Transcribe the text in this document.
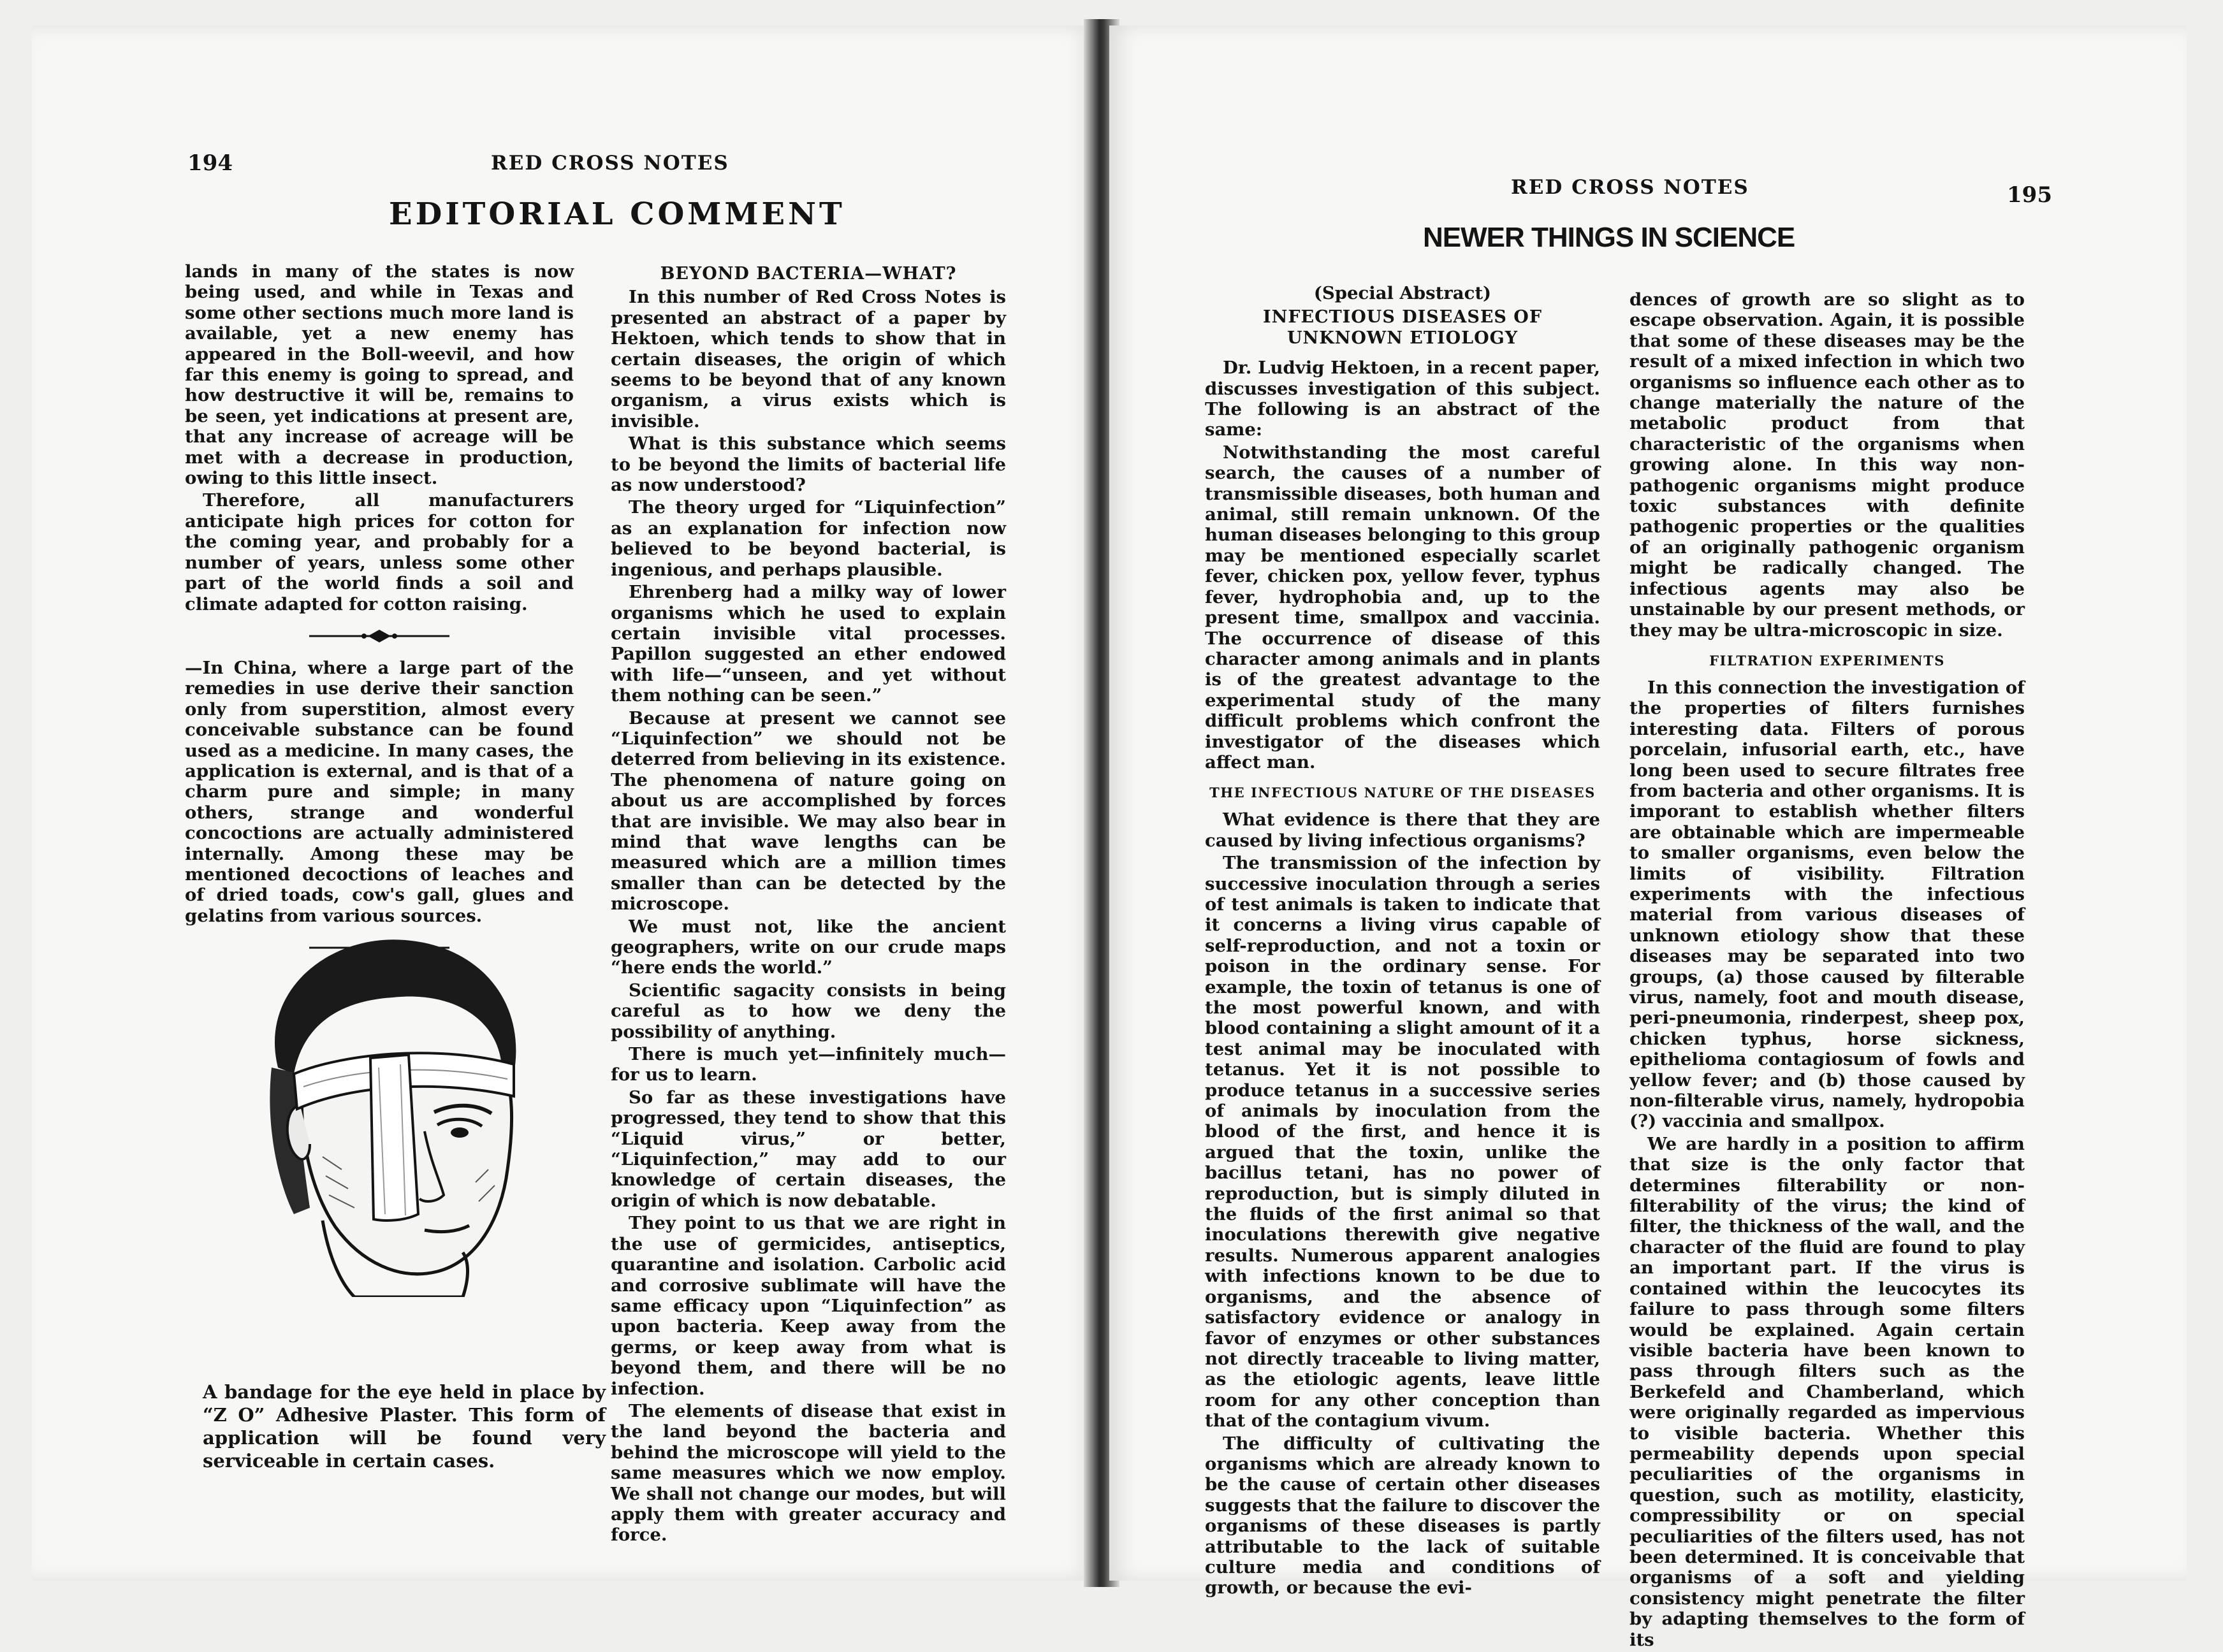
194	RED CROSS NOTES
EDITORIAL COMMENT

lands in many of the states is now being used, and while in Texas and some other sections much more land is available, yet a new enemy has appeared in the Boll-weevil, and how far this enemy is going to spread, and how destructive it will be, remains to be seen, yet indications at present are, that any increase of acreage will be met with a decrease in production, owing to this little insect.

Therefore, all manufacturers anticipate high prices for cotton for the coming year, and probably for a number of years, unless some other part of the world finds a soil and climate adapted for cotton raising.

—In China, where a large part of the remedies in use derive their sanction only from superstition, almost every conceivable substance can be found used as a medicine. In many cases, the application is external, and is that of a charm pure and simple; in many others, strange and wonderful concoctions are actually administered internally. Among these may be mentioned decoctions of leaches and of dried toads, cow's gall, glues and gelatins from various sources.

A bandage for the eye held in place by “Z O” Adhesive Plaster. This form of application will be found very serviceable in certain cases.

BEYOND BACTERIA—WHAT?

In this number of Red Cross Notes is presented an abstract of a paper by Hektoen, which tends to show that in certain diseases, the origin of which seems to be beyond that of any known organism, a virus exists which is invisible.

What is this substance which seems to be beyond the limits of bacterial life as now understood?

The theory urged for “Liquinfection” as an explanation for infection now believed to be beyond bacterial, is ingenious, and perhaps plausible.

Ehrenberg had a milky way of lower organisms which he used to explain certain invisible vital processes. Papillon suggested an ether endowed with life—“unseen, and yet without them nothing can be seen.”

Because at present we cannot see “Liquinfection” we should not be deterred from believing in its existence. The phenomena of nature going on about us are accomplished by forces that are invisible. We may also bear in mind that wave lengths can be measured which are a million times smaller than can be detected by the microscope.

We must not, like the ancient geographers, write on our crude maps “here ends the world.”

Scientific sagacity consists in being careful as to how we deny the possibility of anything.

There is much yet—infinitely much—for us to learn.

So far as these investigations have progressed, they tend to show that this “Liquid virus,” or better, “Liquinfection,” may add to our knowledge of certain diseases, the origin of which is now debatable.

They point to us that we are right in the use of germicides, antiseptics, quarantine and isolation. Carbolic acid and corrosive sublimate will have the same efficacy upon “Liquinfection” as upon bacteria. Keep away from the germs, or keep away from what is beyond them, and there will be no infection.

The elements of disease that exist in the land beyond the bacteria and behind the microscope will yield to the same measures which we now employ. We shall not change our modes, but will apply them with greater accuracy and force.

RED CROSS NOTES	195
NEWER THINGS IN SCIENCE

(Special Abstract)

INFECTIOUS DISEASES OF UNKNOWN ETIOLOGY

Dr. Ludvig Hektoen, in a recent paper, discusses investigation of this subject. The following is an abstract of the same:

Notwithstanding the most careful search, the causes of a number of transmissible diseases, both human and animal, still remain unknown. Of the human diseases belonging to this group may be mentioned especially scarlet fever, chicken pox, yellow fever, typhus fever, hydrophobia and, up to the present time, smallpox and vaccinia. The occurrence of disease of this character among animals and in plants is of the greatest advantage to the experimental study of the many difficult problems which confront the investigator of the diseases which affect man.

THE INFECTIOUS NATURE OF THE DISEASES

What evidence is there that they are caused by living infectious organisms?

The transmission of the infection by successive inoculation through a series of test animals is taken to indicate that it concerns a living virus capable of self-reproduction, and not a toxin or poison in the ordinary sense. For example, the toxin of tetanus is one of the most powerful known, and with blood containing a slight amount of it a test animal may be inoculated with tetanus. Yet it is not possible to produce tetanus in a successive series of animals by inoculation from the blood of the first, and hence it is argued that the toxin, unlike the bacillus tetani, has no power of reproduction, but is simply diluted in the fluids of the first animal so that inoculations therewith give negative results. Numerous apparent analogies with infections known to be due to organisms, and the absence of satisfactory evidence or analogy in favor of enzymes or other substances not directly traceable to living matter, as the etiologic agents, leave little room for any other conception than that of the contagium vivum.

The difficulty of cultivating the organisms which are already known to be the cause of certain other diseases suggests that the failure to discover the organisms of these diseases is partly attributable to the lack of suitable culture media and conditions of growth, or because the evi-

dences of growth are so slight as to escape observation. Again, it is possible that some of these diseases may be the result of a mixed infection in which two organisms so influence each other as to change materially the nature of the metabolic product from that characteristic of the organisms when growing alone. In this way non-pathogenic organisms might produce toxic substances with definite pathogenic properties or the qualities of an originally pathogenic organism might be radically changed. The infectious agents may also be unstainable by our present methods, or they may be ultra-microscopic in size.

FILTRATION EXPERIMENTS

In this connection the investigation of the properties of filters furnishes interesting data. Filters of porous porcelain, infusorial earth, etc., have long been used to secure filtrates free from bacteria and other organisms. It is imporant to establish whether filters are obtainable which are impermeable to smaller organisms, even below the limits of visibility. Filtration experiments with the infectious material from various diseases of unknown etiology show that these diseases may be separated into two groups, (a) those caused by filterable virus, namely, foot and mouth disease, peri-pneumonia, rinderpest, sheep pox, chicken typhus, horse sickness, epithelioma contagiosum of fowls and yellow fever; and (b) those caused by non-filterable virus, namely, hydropobia (?) vaccinia and smallpox.

We are hardly in a position to affirm that size is the only factor that determines filterability or non-filterability of the virus; the kind of filter, the thickness of the wall, and the character of the fluid are found to play an important part. If the virus is contained within the leucocytes its failure to pass through some filters would be explained. Again certain visible bacteria have been known to pass through filters such as the Berkefeld and Chamberland, which were originally regarded as impervious to visible bacteria. Whether this permeability depends upon special peculiarities of the organisms in question, such as motility, elasticity, compressibility or on special peculiarities of the filters used, has not been determined. It is conceivable that organisms of a soft and yielding consistency might penetrate the filter by adapting themselves to the form of its
